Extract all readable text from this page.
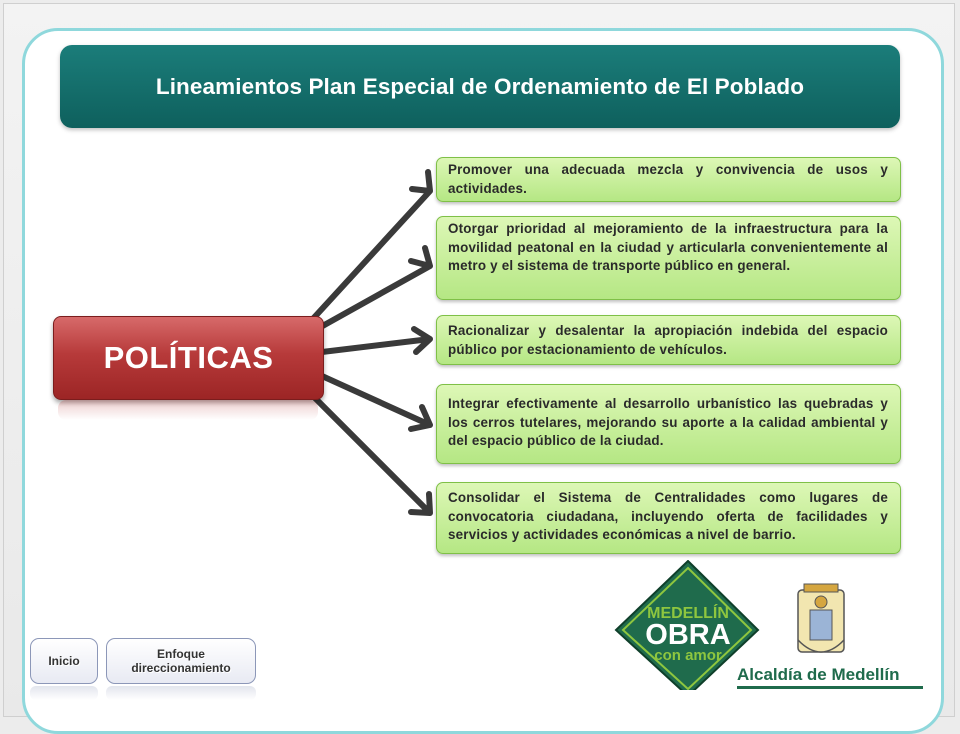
Lineamientos Plan Especial de Ordenamiento de El Poblado
POLÍTICAS
Promover una adecuada mezcla y convivencia de usos y actividades.
Otorgar prioridad al mejoramiento de la infraestructura para la movilidad peatonal en la ciudad y articularla convenientemente al metro y el sistema de transporte público en general.
Racionalizar y desalentar la apropiación indebida del espacio público por estacionamiento de vehículos.
Integrar efectivamente al desarrollo urbanístico las quebradas y los cerros tutelares, mejorando su aporte a la calidad ambiental y del espacio público de la ciudad.
Consolidar el Sistema de Centralidades como lugares de convocatoria ciudadana, incluyendo oferta de facilidades y servicios y actividades económicas a nivel de barrio.
Inicio	Enfoque
direccionamiento
MEDELLÍN
OBRA
con amor
Alcaldía de Medellín
